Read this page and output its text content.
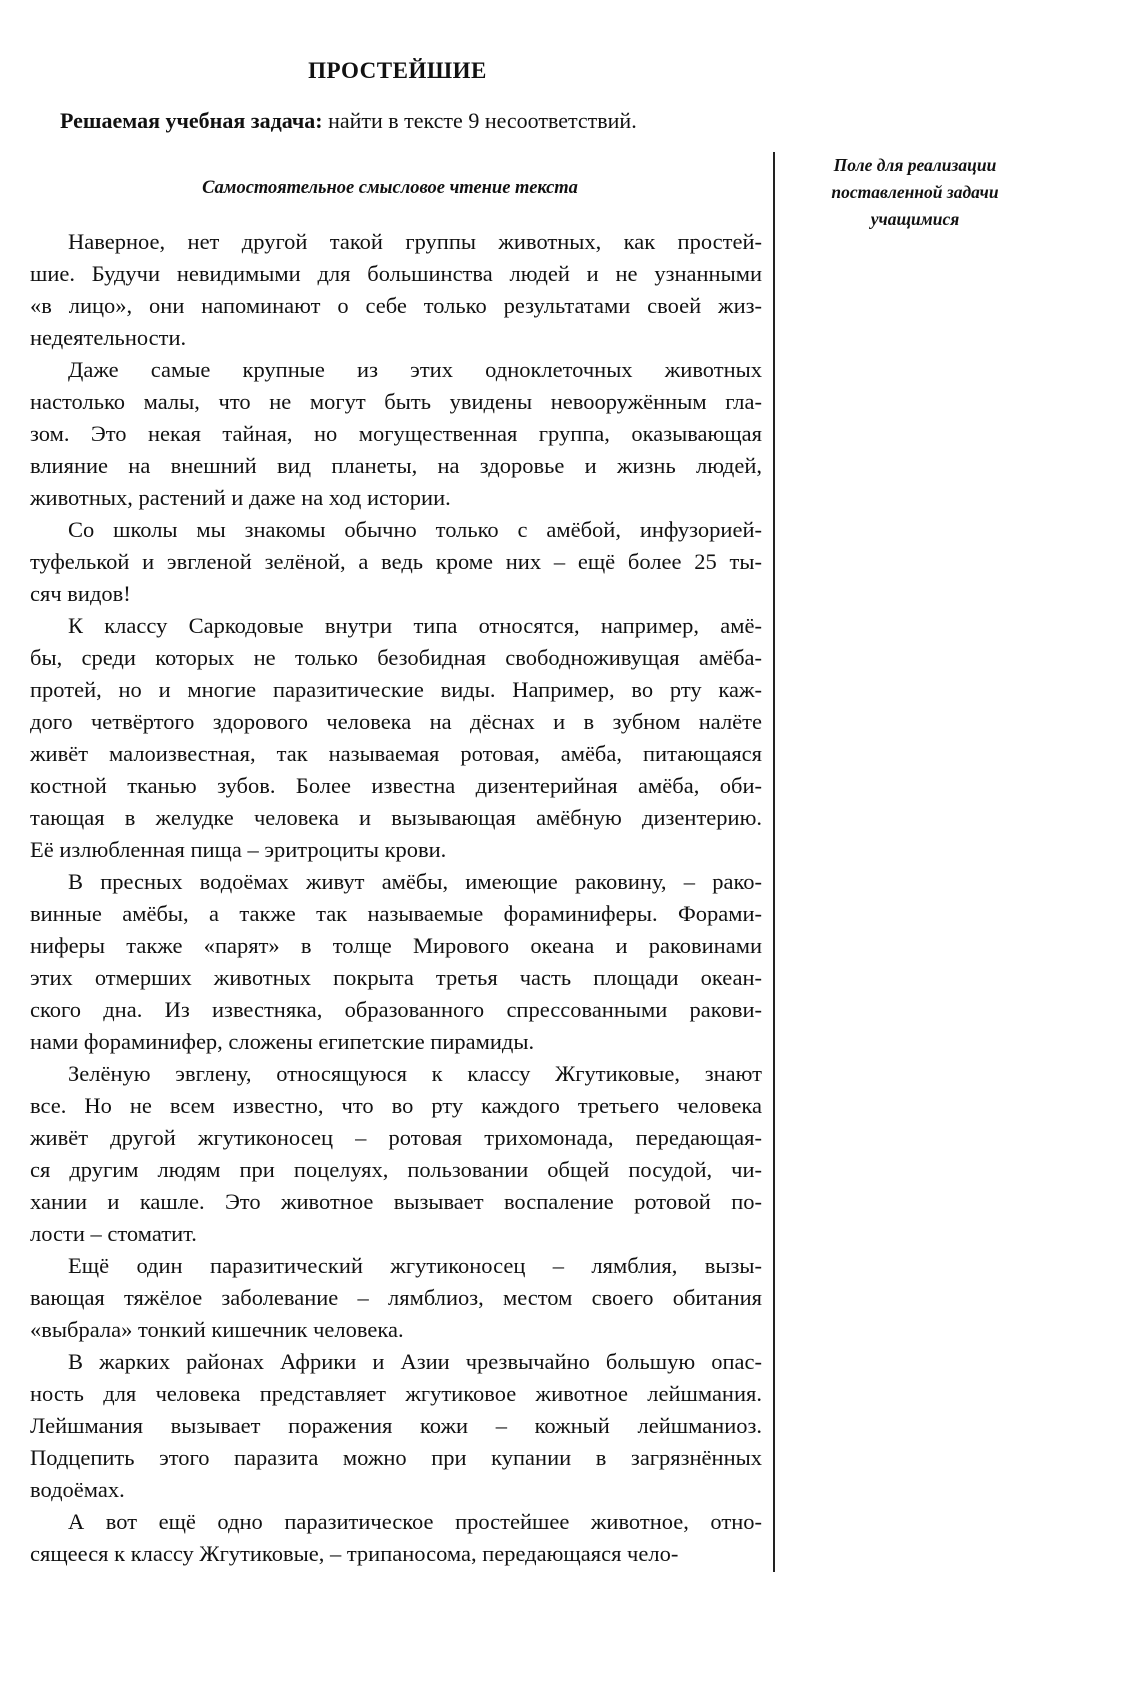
ПРОСТЕЙШИЕ
Решаемая учебная задача: найти в тексте 9 несоответствий.
Поле для реализации
поставленной задачи
учащимися
Самостоятельное смысловое чтение текста
Наверное, нет другой такой группы животных, как простей-
шие. Будучи невидимыми для большинства людей и не узнанными
«в лицо», они напоминают о себе только результатами своей жиз-
недеятельности.
Даже самые крупные из этих одноклеточных животных
настолько малы, что не могут быть увидены невооружённым гла-
зом. Это некая тайная, но могущественная группа, оказывающая
влияние на внешний вид планеты, на здоровье и жизнь людей,
животных, растений и даже на ход истории.
Со школы мы знакомы обычно только с амёбой, инфузорией-
туфелькой и эвгленой зелёной, а ведь кроме них – ещё более 25 ты-
сяч видов!
К классу Саркодовые внутри типа относятся, например, амё-
бы, среди которых не только безобидная свободноживущая амёба-
протей, но и многие паразитические виды. Например, во рту каж-
дого четвёртого здорового человека на дёснах и в зубном налёте
живёт малоизвестная, так называемая ротовая, амёба, питающаяся
костной тканью зубов. Более известна дизентерийная амёба, оби-
тающая в желудке человека и вызывающая амёбную дизентерию.
Её излюбленная пища – эритроциты крови.
В пресных водоёмах живут амёбы, имеющие раковину, – рако-
винные амёбы, а также так называемые фораминиферы. Форами-
ниферы также «парят» в толще Мирового океана и раковинами
этих отмерших животных покрыта третья часть площади океан-
ского дна. Из известняка, образованного спрессованными ракови-
нами фораминифер, сложены египетские пирамиды.
Зелёную эвглену, относящуюся к классу Жгутиковые, знают
все. Но не всем известно, что во рту каждого третьего человека
живёт другой жгутиконосец – ротовая трихомонада, передающая-
ся другим людям при поцелуях, пользовании общей посудой, чи-
хании и кашле. Это животное вызывает воспаление ротовой по-
лости – стоматит.
Ещё один паразитический жгутиконосец – лямблия, вызы-
вающая тяжёлое заболевание – лямблиоз, местом своего обитания
«выбрала» тонкий кишечник человека.
В жарких районах Африки и Азии чрезвычайно большую опас-
ность для человека представляет жгутиковое животное лейшмания.
Лейшмания вызывает поражения кожи – кожный лейшманиоз.
Подцепить этого паразита можно при купании в загрязнённых
водоёмах.
А вот ещё одно паразитическое простейшее животное, отно-
сящееся к классу Жгутиковые, – трипаносома, передающаяся чело-
